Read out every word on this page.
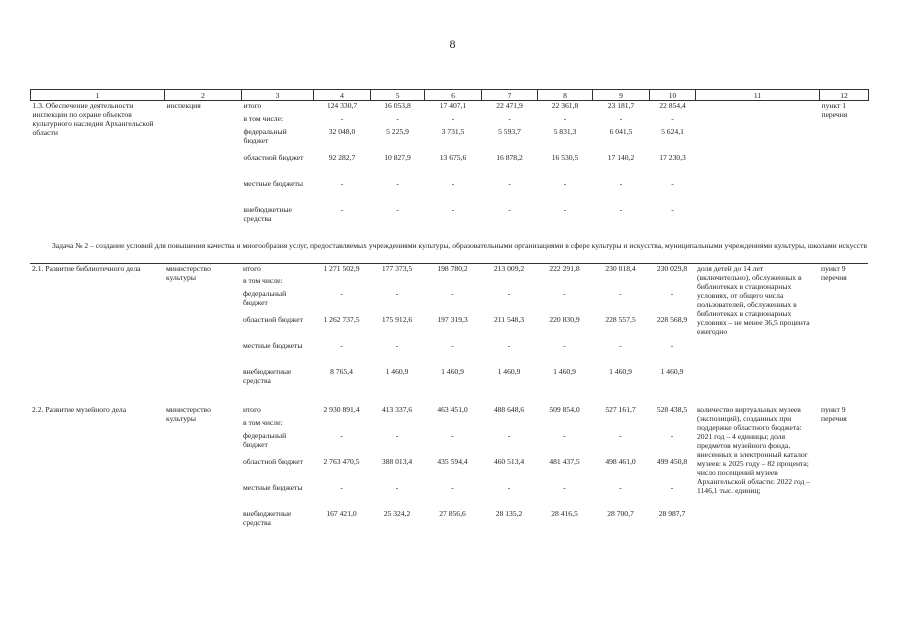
8
1	2	3	4	5	6	7	8	9	10	11	12
1.3. Обеспечение деятельности инспекции по охране объектов культурного наследия Архангельской области	инспекция	итого	124 330,7	16 053,8	17 407,1	22 471,9	22 361,8	23 181,7	22 854,4		пункт 1 перечня
		в том числе:	-	-	-	-	-	-	-		
		федеральный бюджет	32 048,0	5 225,9	3 731,5	5 593,7	5 831,3	6 041,5	5 624,1		
		областной бюджет	92 282,7	10 827,9	13 675,6	16 878,2	16 530,5	17 140,2	17 230,3		
		местные бюджеты	-	-	-	-	-	-	-		
		внебюджетные средства	-	-	-	-	-	-	-		
Задача № 2 – создание условий для повышения качества и многообразия услуг, предоставляемых учреждениями культуры, образовательными организациями в сфере культуры и искусства, муниципальными учреждениями культуры, школами искусств
2.1. Развитие библиотечного дела	министерство культуры	итого	1 271 502,9	177 373,5	198 780,2	213 009,2	222 291,8	230 018,4	230 029,8	доля детей до 14 лет (включительно), обслуженных в библиотеках в стационарных условиях, от общего числа пользователей, обслуженных в библиотеках в стационарных условиях – не менее 36,5 процента ежегодно	пункт 9 перечня
		в том числе:									
		федеральный бюджет	-	-	-	-	-	-	-		
		областной бюджет	1 262 737,5	175 912,6	197 319,3	211 548,3	220 830,9	228 557,5	228 568,9		
		местные бюджеты	-	-	-	-	-	-	-		
		внебюджетные средства	8 765,4	1 460,9	1 460,9	1 460,9	1 460,9	1 460,9	1 460,9		

2.2. Развитие музейного дела	министерство культуры	итого	2 930 891,4	413 337,6	463 451,0	488 648,6	509 854,0	527 161,7	528 438,5	количество виртуальных музеев (экспозиций), созданных при поддержке областного бюджета: 2021 год – 4 единицы; доля предметов музейного фонда, внесенных в электронный каталог музеев: к 2025 году – 82 процента; число посещений музеев Архангельской области: 2022 год – 1146,1 тыс. единиц;	пункт 9 перечня
		в том числе:									
		федеральный бюджет	-	-	-	-	-	-	-		
		областной бюджет	2 763 470,5	388 013,4	435 594,4	460 513,4	481 437,5	498 461,0	499 450,8		
		местные бюджеты	-	-	-	-	-	-	-		
		внебюджетные средства	167 421,0	25 324,2	27 856,6	28 135,2	28 416,5	28 700,7	28 987,7		
